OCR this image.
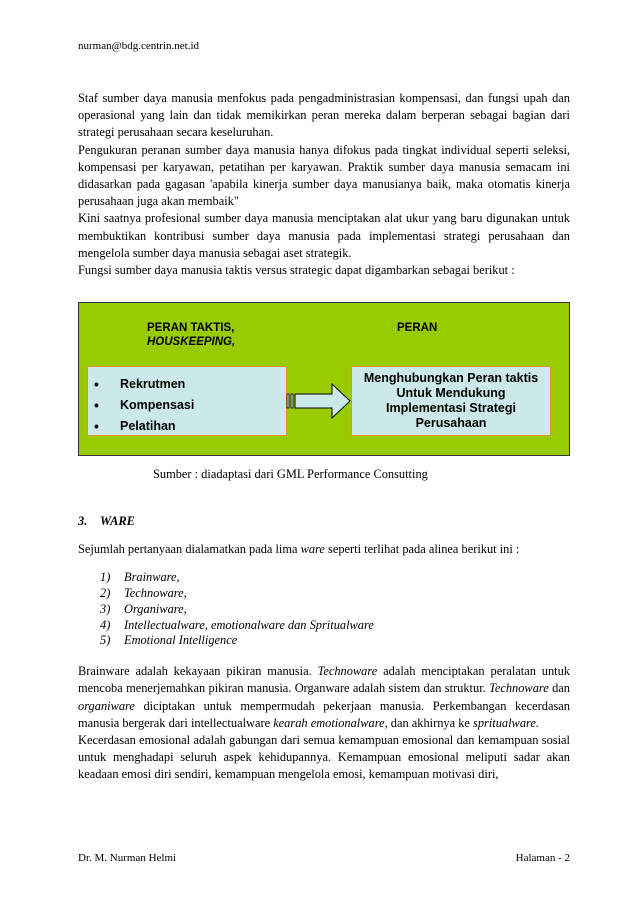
nurman@bdg.centrin.net.id

Staf sumber daya manusia menfokus pada pengadministrasian kompensasi, dan fungsi upah dan operasional yang lain dan tidak memikirkan peran mereka dalam berperan sebagai bagian dari strategi perusahaan secara keseluruhan.

Pengukuran peranan sumber daya manusia hanya difokus pada tingkat individual seperti seleksi, kompensasi per karyawan, petatihan per karyawan. Praktik sumber daya manusia semacam ini didasarkan pada gagasan 'apabila kinerja sumber daya manusianya baik, maka otomatis kinerja perusahaan juga akan membaik"

Kini saatnya profesional sumber daya manusia menciptakan alat ukur yang baru digunakan untuk membuktikan kontribusi sumber daya manusia pada implementasi strategi perusahaan dan mengelola sumber daya manusia sebagai aset strategik.

Fungsi sumber daya manusia taktis versus strategic dapat digambarkan sebagai berikut :

PERAN TAKTIS,
HOUSKEEPING,
PERAN
•	Rekrutmen
•	Kompensasi
•	Pelatihan
Menghubungkan Peran taktis Untuk Mendukung Implementasi Strategi Perusahaan
Sumber : diadaptasi dari GML Performance Consutting
3. WARE

Sejumlah pertanyaan dialamatkan pada lima ware seperti terlihat pada alinea berikut ini :

1) Brainware,
2) Technoware,
3) Organiware,
4) Intellectualware, emotionalware dan Spritualware
5) Emotional Intelligence

Brainware adalah kekayaan pikiran manusia. Technoware adalah menciptakan peralatan untuk mencoba menerjemahkan pikiran manusia. Organware adalah sistem dan struktur. Technoware dan organiware diciptakan untuk mempermudah pekerjaan manusia. Perkembangan kecerdasan manusia bergerak dari intellectualware kearah emotionalware, dan akhirnya ke spritualware.

Kecerdasan emosional adalah gabungan dari semua kemampuan emosional dan kemampuan sosial untuk menghadapi seluruh aspek kehidupannya. Kemampuan emosional meliputi sadar akan keadaan emosi diri sendiri, kemampuan mengelola emosi, kemampuan motivasi diri,

Dr. M. Nurman Helmi	Halaman - 2
